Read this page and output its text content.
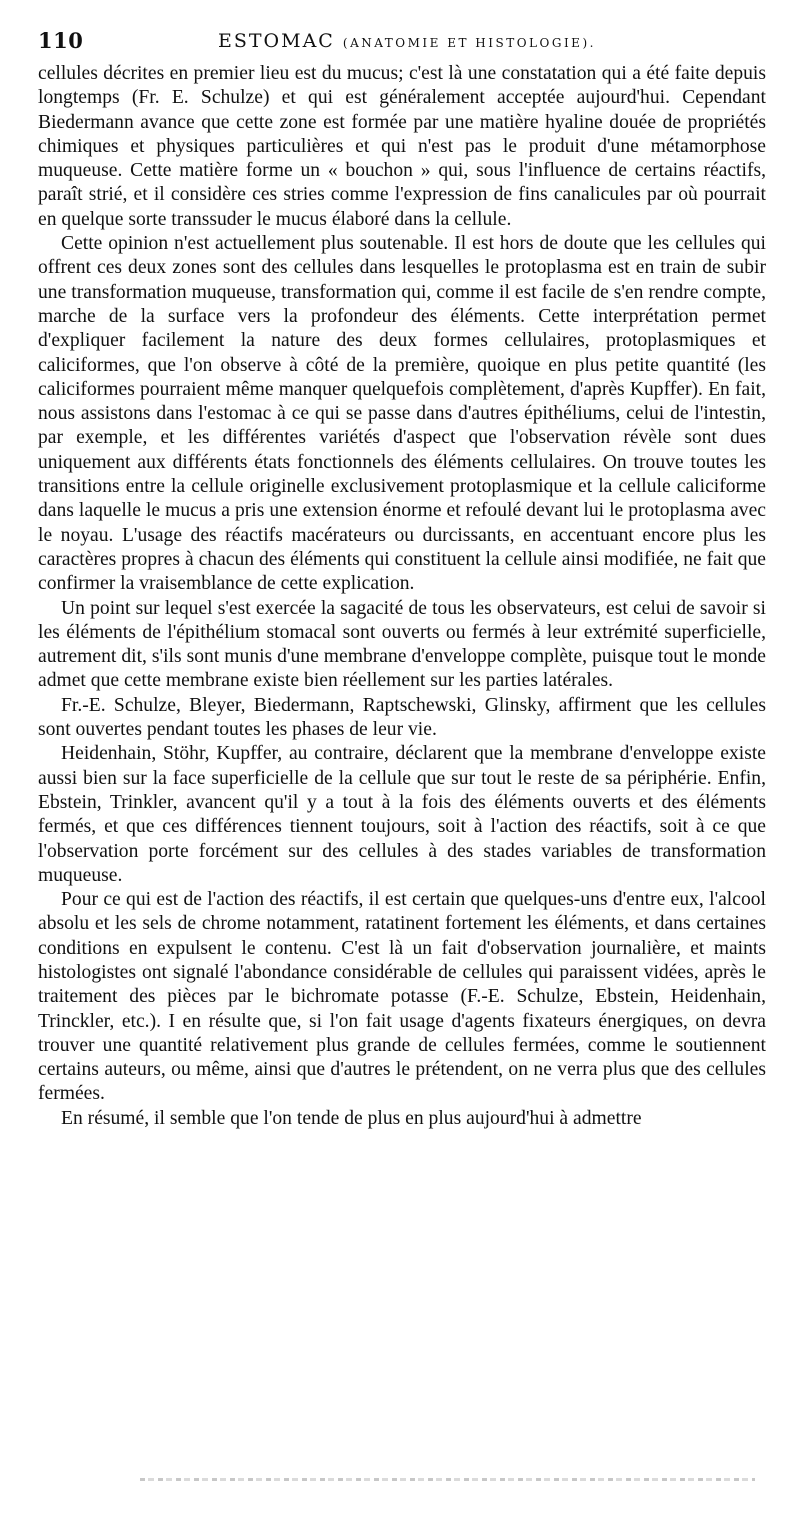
110	ESTOMAC (ANATOMIE ET HISTOLOGIE).

cellules décrites en premier lieu est du mucus; c'est là une constatation qui a été faite depuis longtemps (Fr. E. Schulze) et qui est généralement acceptée aujourd'hui. Cependant Biedermann avance que cette zone est formée par une matière hyaline douée de propriétés chimiques et physiques particulières et qui n'est pas le produit d'une métamorphose muqueuse. Cette matière forme un « bouchon » qui, sous l'influence de certains réactifs, paraît strié, et il considère ces stries comme l'expression de fins canalicules par où pourrait en quelque sorte transsuder le mucus élaboré dans la cellule.

Cette opinion n'est actuellement plus soutenable. Il est hors de doute que les cellules qui offrent ces deux zones sont des cellules dans lesquelles le protoplasma est en train de subir une transformation muqueuse, transformation qui, comme il est facile de s'en rendre compte, marche de la surface vers la profondeur des éléments. Cette interprétation permet d'expliquer facilement la nature des deux formes cellulaires, protoplasmiques et caliciformes, que l'on observe à côté de la première, quoique en plus petite quantité (les caliciformes pourraient même manquer quelquefois complètement, d'après Kupffer). En fait, nous assistons dans l'estomac à ce qui se passe dans d'autres épithéliums, celui de l'intestin, par exemple, et les différentes variétés d'aspect que l'observation révèle sont dues uniquement aux différents états fonctionnels des éléments cellulaires. On trouve toutes les transitions entre la cellule originelle exclusivement protoplasmique et la cellule caliciforme dans laquelle le mucus a pris une extension énorme et refoulé devant lui le protoplasma avec le noyau. L'usage des réactifs macérateurs ou durcissants, en accentuant encore plus les caractères propres à chacun des éléments qui constituent la cellule ainsi modifiée, ne fait que confirmer la vraisemblance de cette explication.

Un point sur lequel s'est exercée la sagacité de tous les observateurs, est celui de savoir si les éléments de l'épithélium stomacal sont ouverts ou fermés à leur extrémité superficielle, autrement dit, s'ils sont munis d'une membrane d'enveloppe complète, puisque tout le monde admet que cette membrane existe bien réellement sur les parties latérales.

Fr.-E. Schulze, Bleyer, Biedermann, Raptschewski, Glinsky, affirment que les cellules sont ouvertes pendant toutes les phases de leur vie.

Heidenhain, Stöhr, Kupffer, au contraire, déclarent que la membrane d'enveloppe existe aussi bien sur la face superficielle de la cellule que sur tout le reste de sa périphérie. Enfin, Ebstein, Trinkler, avancent qu'il y a tout à la fois des éléments ouverts et des éléments fermés, et que ces différences tiennent toujours, soit à l'action des réactifs, soit à ce que l'observation porte forcément sur des cellules à des stades variables de transformation muqueuse.

Pour ce qui est de l'action des réactifs, il est certain que quelques-uns d'entre eux, l'alcool absolu et les sels de chrome notamment, ratatinent fortement les éléments, et dans certaines conditions en expulsent le contenu. C'est là un fait d'observation journalière, et maints histologistes ont signalé l'abondance considérable de cellules qui paraissent vidées, après le traitement des pièces par le bichromate potasse (F.-E. Schulze, Ebstein, Heidenhain, Trinckler, etc.). I en résulte que, si l'on fait usage d'agents fixateurs énergiques, on devra trouver une quantité relativement plus grande de cellules fermées, comme le soutiennent certains auteurs, ou même, ainsi que d'autres le prétendent, on ne verra plus que des cellules fermées.

En résumé, il semble que l'on tende de plus en plus aujourd'hui à admettre
